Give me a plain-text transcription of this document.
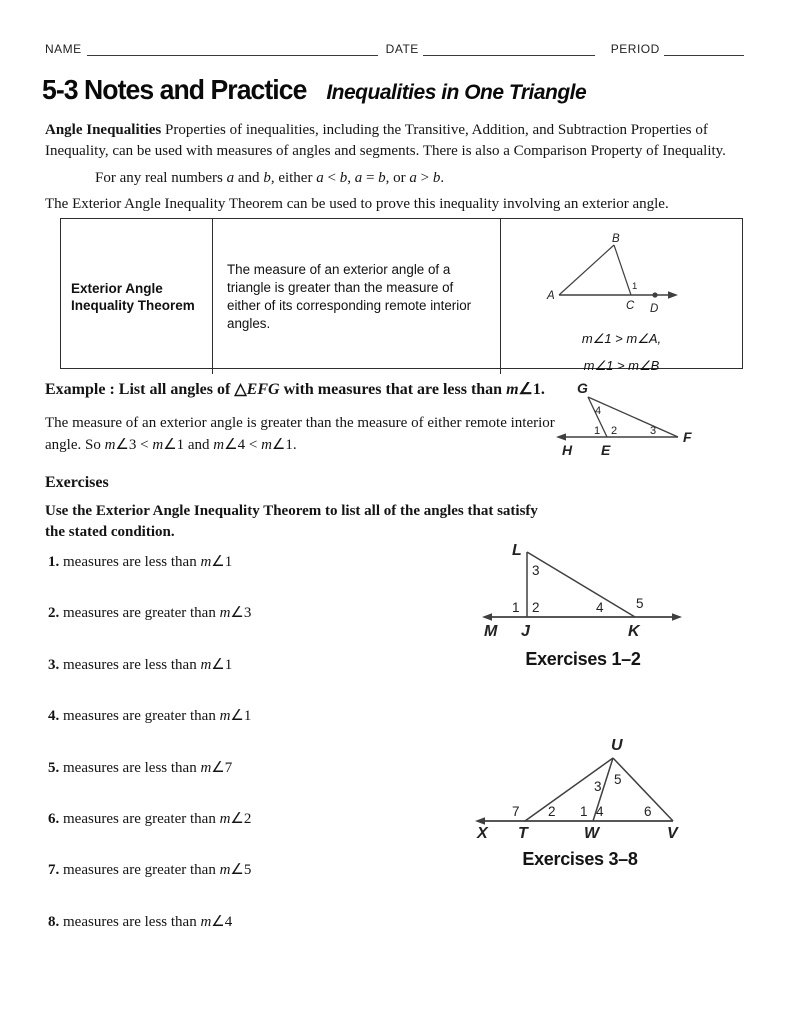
NAME	DATE	PERIOD
5-3 Notes and Practice Inequalities in One Triangle

Angle Inequalities Properties of inequalities, including the Transitive, Addition, and Subtraction Properties of Inequality, can be used with measures of angles and segments. There is also a Comparison Property of Inequality.

For any real numbers a and b, either a < b, a = b, or a > b.

The Exterior Angle Inequality Theorem can be used to prove this inequality involving an exterior angle.

Exterior Angle Inequality Theorem
The measure of an exterior angle of a triangle is greater than the measure of either of its corresponding remote interior angles.
A
B
C D
1
m∠1 > m∠A,
m∠1 > m∠B
Example : List all angles of △EFG with measures that are less than m∠1.
The measure of an exterior angle is greater than the measure of either remote interior angle. So m∠3 < m∠1 and m∠4 < m∠1.
G
H E
F
4
1 2	3
Exercises
Use the Exterior Angle Inequality Theorem to list all of the angles that satisfy the stated condition.
1. measures are less than m∠1
2. measures are greater than m∠3
3. measures are less than m∠1
4. measures are greater than m∠1
5. measures are less than m∠7
6. measures are greater than m∠2
7. measures are greater than m∠5
8. measures are less than m∠4
L
M J	K
3
1 2	4 5
Exercises 1–2
U
X T	W	V
7 2 1 4
3 5
6
Exercises 3–8
